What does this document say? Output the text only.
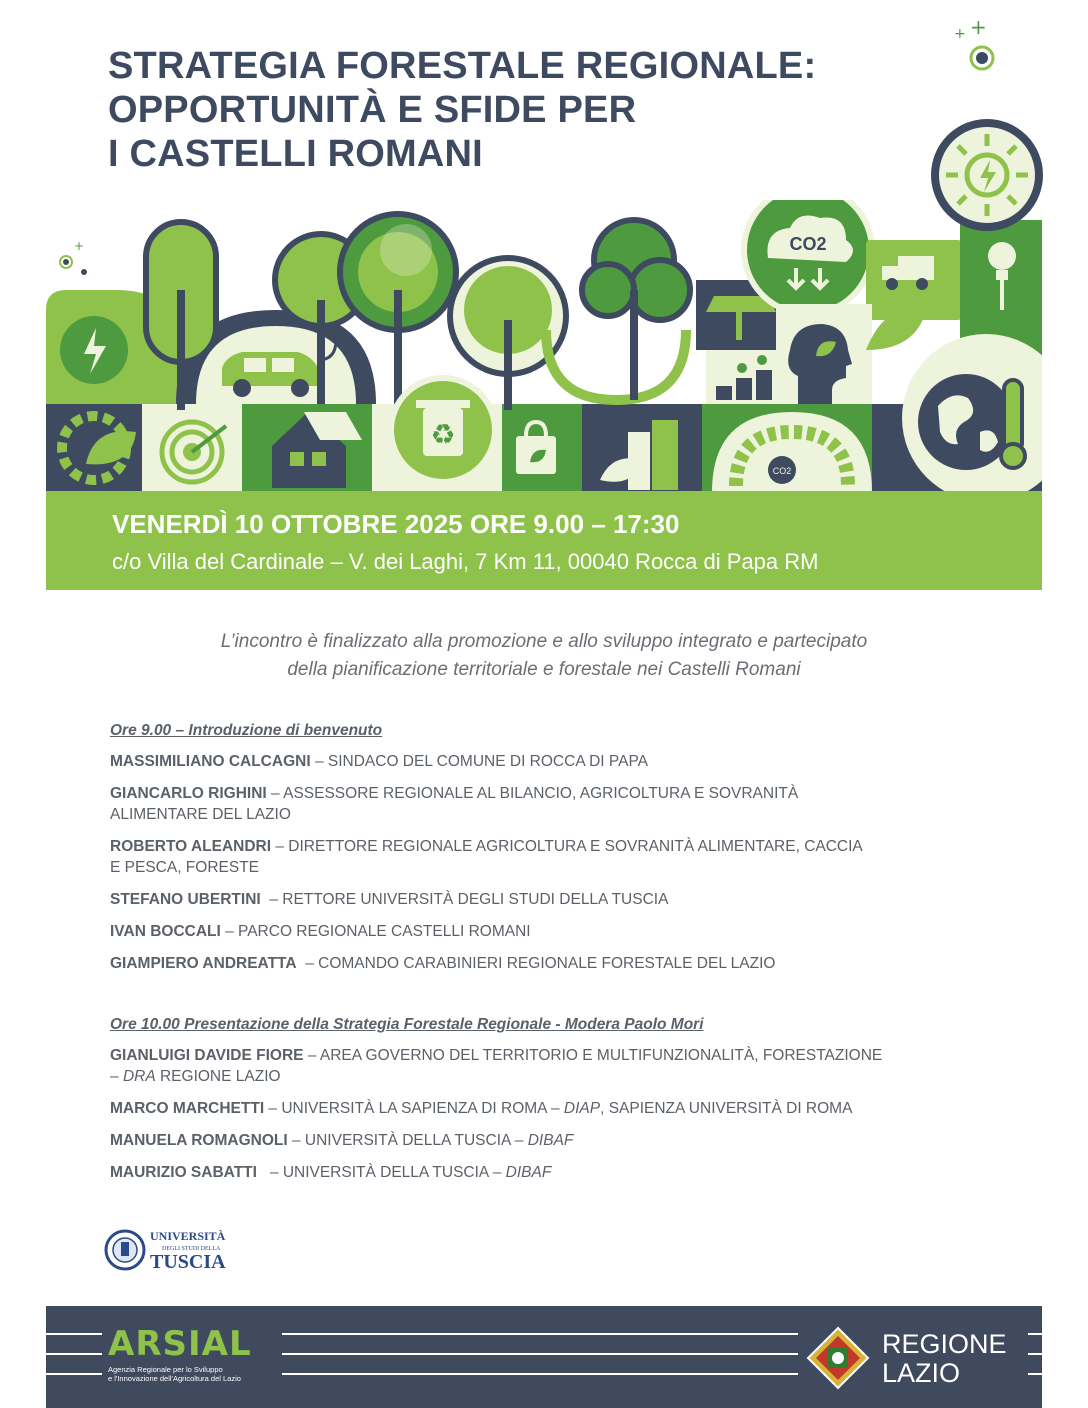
STRATEGIA FORESTALE REGIONALE:
OPPORTUNITÀ E SFIDE PER
I CASTELLI ROMANI
+ +
+
♻
CO2
CO2
VENERDÌ 10 OTTOBRE 2025 ORE 9.00 – 17:30
c/o Villa del Cardinale – V. dei Laghi, 7 Km 11, 00040 Rocca di Papa RM
L’incontro è finalizzato alla promozione e allo sviluppo integrato e partecipato
della pianificazione territoriale e forestale nei Castelli Romani
Ore 9.00 – Introduzione di benvenuto
MASSIMILIANO CALCAGNI – SINDACO DEL COMUNE DI ROCCA DI PAPA
GIANCARLO RIGHINI – ASSESSORE REGIONALE AL BILANCIO, AGRICOLTURA E SOVRANITÀ
ALIMENTARE DEL LAZIO
ROBERTO ALEANDRI – DIRETTORE REGIONALE AGRICOLTURA E SOVRANITÀ ALIMENTARE, CACCIA
E PESCA, FORESTE
STEFANO UBERTINI  – RETTORE UNIVERSITÀ DEGLI STUDI DELLA TUSCIA
IVAN BOCCALI – PARCO REGIONALE CASTELLI ROMANI
GIAMPIERO ANDREATTA  – COMANDO CARABINIERI REGIONALE FORESTALE DEL LAZIO
Ore 10.00 Presentazione della Strategia Forestale Regionale - Modera Paolo Mori
GIANLUIGI DAVIDE FIORE – AREA GOVERNO DEL TERRITORIO E MULTIFUNZIONALITÀ, FORESTAZIONE
– DRA REGIONE LAZIO
MARCO MARCHETTI – UNIVERSITÀ LA SAPIENZA DI ROMA – DIAP, SAPIENZA UNIVERSITÀ DI ROMA
MANUELA ROMAGNOLI – UNIVERSITÀ DELLA TUSCIA – DIBAF
MAURIZIO SABATTI   – UNIVERSITÀ DELLA TUSCIA – DIBAF
UNIVERSITÀ
DEGLI STUDI DELLA
TUSCIA
ARSIAL
Agenzia Regionale per lo Sviluppo
e l'Innovazione dell'Agricoltura del Lazio
REGIONE
LAZIO
